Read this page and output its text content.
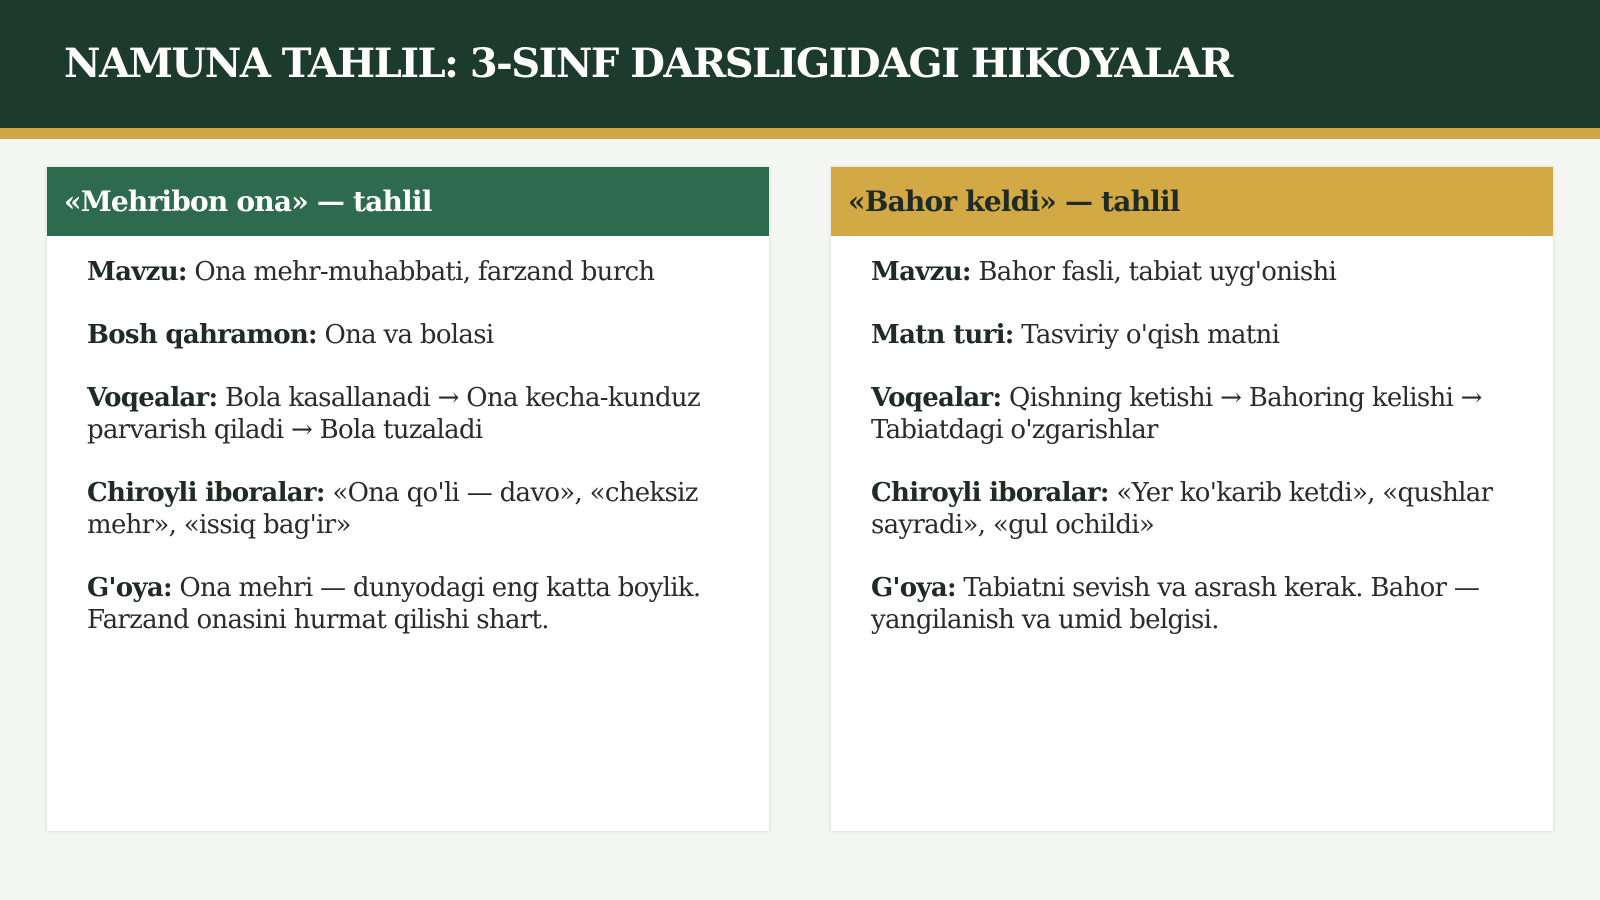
NAMUNA TAHLIL: 3-SINF DARSLIGIDAGI HIKOYALAR
«Mehribon ona» — tahlil

Mavzu: Ona mehr-muhabbati, farzand burch

Bosh qahramon: Ona va bolasi

Voqealar: Bola kasallanadi → Ona kecha-kunduz parvarish qiladi → Bola tuzaladi

Chiroyli iboralar: «Ona qo'li — davo», «cheksiz mehr», «issiq bag'ir»

G'oya: Ona mehri — dunyodagi eng katta boylik. Farzand onasini hurmat qilishi shart.

«Bahor keldi» — tahlil

Mavzu: Bahor fasli, tabiat uyg'onishi

Matn turi: Tasviriy o'qish matni

Voqealar: Qishning ketishi → Bahoring kelishi → Tabiatdagi o'zgarishlar

Chiroyli iboralar: «Yer ko'karib ketdi», «qushlar sayradi», «gul ochildi»

G'oya: Tabiatni sevish va asrash kerak. Bahor — yangilanish va umid belgisi.
